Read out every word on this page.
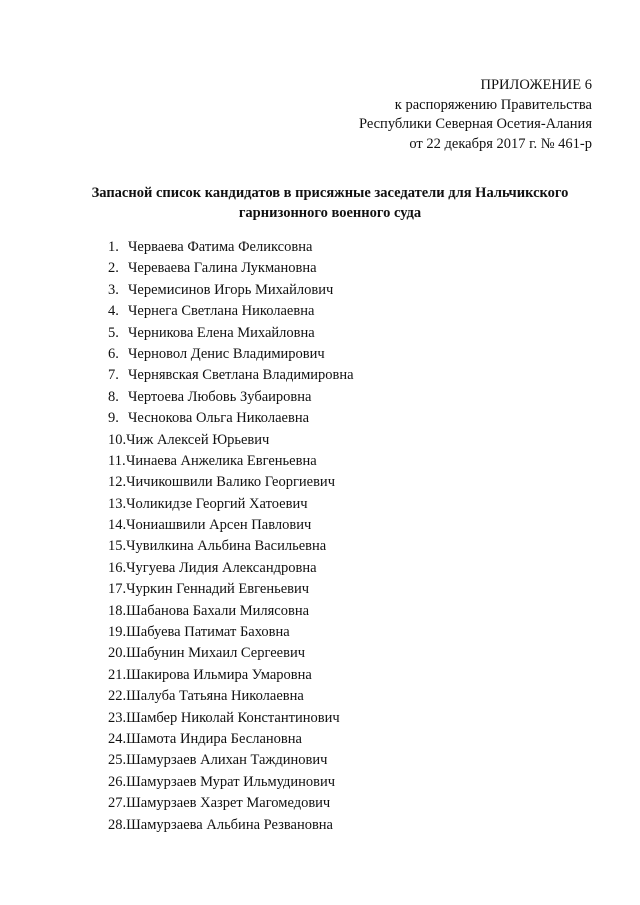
ПРИЛОЖЕНИЕ 6
к распоряжению Правительства
Республики Северная Осетия-Алания
от 22 декабря 2017 г. № 461-р
Запасной список кандидатов в присяжные заседатели для Нальчикского
гарнизонного военного суда
1. Черваева Фатима Феликсовна
2. Череваева Галина Лукмановна
3. Черемисинов Игорь Михайлович
4. Чернега Светлана Николаевна
5. Черникова Елена Михайловна
6. Черновол Денис Владимирович
7. Чернявская Светлана Владимировна
8. Чертоева Любовь Зубаировна
9. Чеснокова Ольга Николаевна
10. Чиж Алексей Юрьевич
11. Чинаева Анжелика Евгеньевна
12. Чичикошвили Валико Георгиевич
13. Чоликидзе Георгий Хатоевич
14. Чониашвили Арсен Павлович
15. Чувилкина Альбина Васильевна
16. Чугуева Лидия Александровна
17. Чуркин Геннадий Евгеньевич
18. Шабанова Бахали Милясовна
19. Шабуева Патимат Баховна
20. Шабунин Михаил Сергеевич
21. Шакирова Ильмира Умаровна
22. Шалуба Татьяна Николаевна
23. Шамбер Николай Константинович
24. Шамота Индира Беслановна
25. Шамурзаев Алихан Таждинович
26. Шамурзаев Мурат Ильмудинович
27. Шамурзаев Хазрет Магомедович
28. Шамурзаева Альбина Резвановна
